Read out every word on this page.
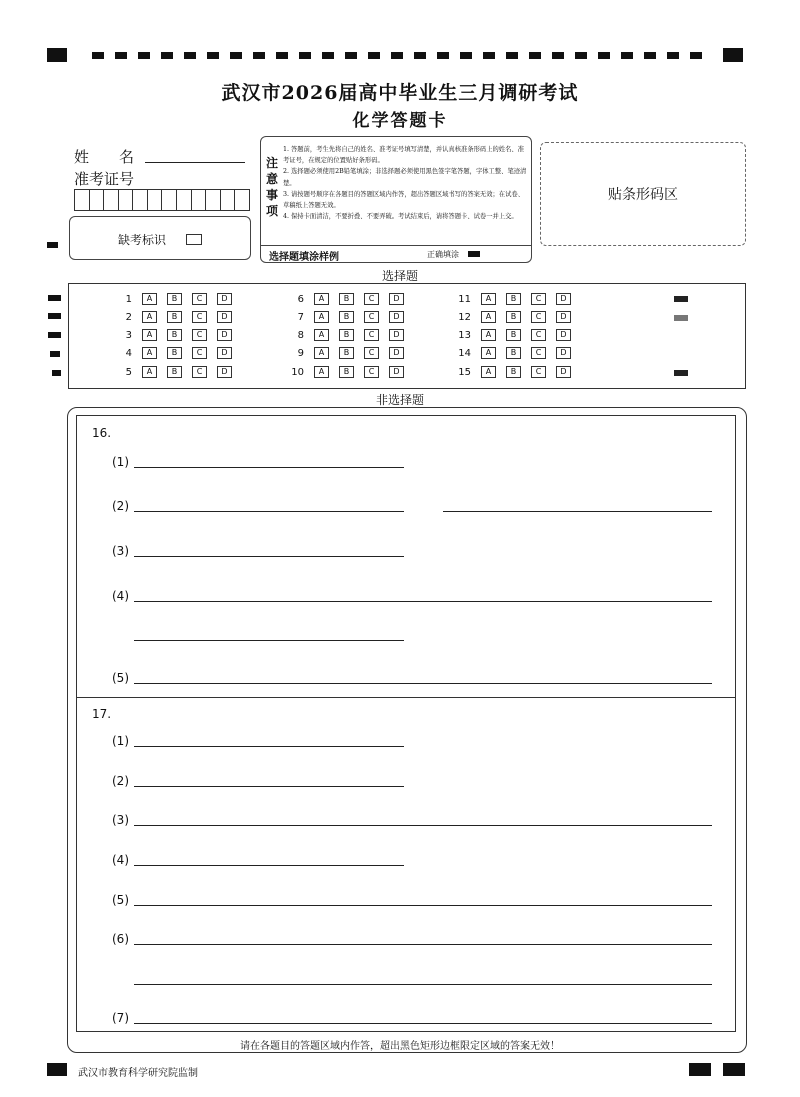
武汉市2026届高中毕业生三月调研考试
化学答题卡
姓　　名
准考证号
缺考标识
注意事项
1. 答题前，考生先将自己的姓名、准考证号填写清楚，并认真核准条形码上的姓名、准考证号，在规定的位置贴好条形码。
2. 选择题必须使用2B铅笔填涂；非选择题必须使用黑色签字笔答题，字体工整、笔迹清楚。
3. 请按题号顺序在各题目的答题区域内作答，超出答题区域书写的答案无效；在试卷、草稿纸上答题无效。
4. 保持卡面清洁，不要折叠、不要弄破。考试结束后，请将答题卡、试卷一并上交。
选择题填涂样例	正确填涂
贴条形码区
选择题
1	A	B	C	D
2	A	B	C	D
3	A	B	C	D
4	A	B	C	D
5	A	B	C	D
6	A	B	C	D
7	A	B	C	D
8	A	B	C	D
9	A	B	C	D
10	A	B	C	D
11	A	B	C	D
12	A	B	C	D
13	A	B	C	D
14	A	B	C	D
15	A	B	C	D
非选择题
16.
(1)
(2)
(3)
(4)
(5)
17.
(1)
(2)
(3)
(4)
(5)
(6)
(7)
请在各题目的答题区域内作答，超出黑色矩形边框限定区域的答案无效！
武汉市教育科学研究院监制
